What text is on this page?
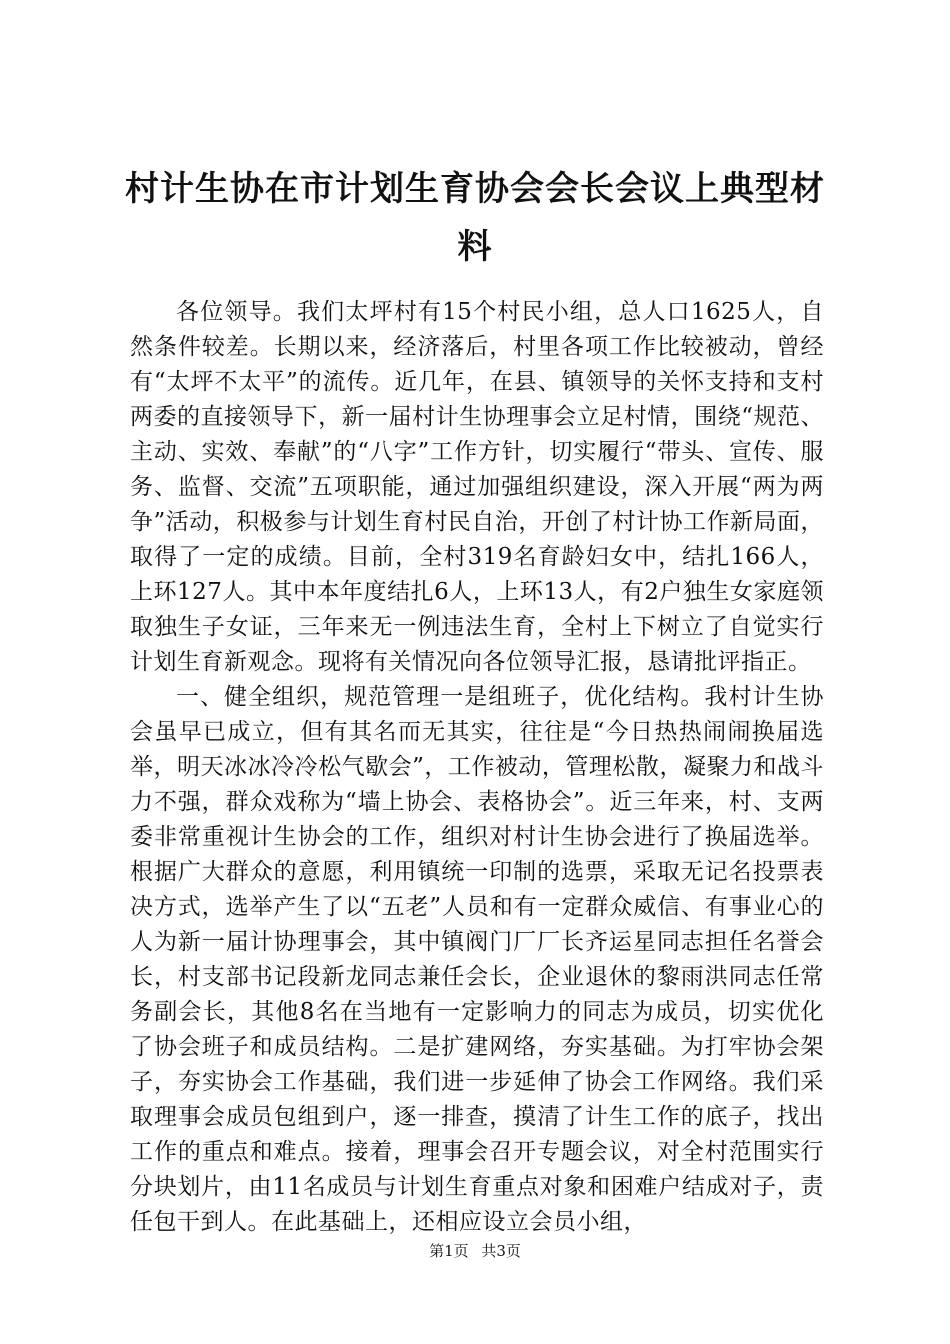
村计生协在市计划生育协会会长会议上典型材料

各位领导。我们太坪村有15个村民小组，总人口1625人，自然条件较差。长期以来，经济落后，村里各项工作比较被动，曾经有“太坪不太平”的流传。近几年，在县、镇领导的关怀支持和支村两委的直接领导下，新一届村计生协理事会立足村情，围绕“规范、主动、实效、奉献”的“八字”工作方针，切实履行“带头、宣传、服务、监督、交流”五项职能，通过加强组织建设，深入开展“两为两争”活动，积极参与计划生育村民自治，开创了村计协工作新局面，取得了一定的成绩。目前，全村319名育龄妇女中，结扎166人，上环127人。其中本年度结扎6人，上环13人，有2户独生女家庭领取独生子女证，三年来无一例违法生育，全村上下树立了自觉实行计划生育新观念。现将有关情况向各位领导汇报，恳请批评指正。

一、健全组织，规范管理一是组班子，优化结构。我村计生协会虽早已成立，但有其名而无其实，往往是“今日热热闹闹换届选举，明天冰冰冷冷松气歇会”，工作被动，管理松散，凝聚力和战斗力不强，群众戏称为“墙上协会、表格协会”。近三年来，村、支两委非常重视计生协会的工作，组织对村计生协会进行了换届选举。根据广大群众的意愿，利用镇统一印制的选票，采取无记名投票表决方式，选举产生了以“五老”人员和有一定群众威信、有事业心的人为新一届计协理事会，其中镇阀门厂厂长齐运星同志担任名誉会长，村支部书记段新龙同志兼任会长，企业退休的黎雨洪同志任常务副会长，其他8名在当地有一定影响力的同志为成员，切实优化了协会班子和成员结构。二是扩建网络，夯实基础。为打牢协会架子，夯实协会工作基础，我们进一步延伸了协会工作网络。我们采取理事会成员包组到户，逐一排查，摸清了计生工作的底子，找出工作的重点和难点。接着，理事会召开专题会议，对全村范围实行分块划片，由11名成员与计划生育重点对象和困难户结成对子，责任包干到人。在此基础上，还相应设立会员小组，

第1页 共3页
